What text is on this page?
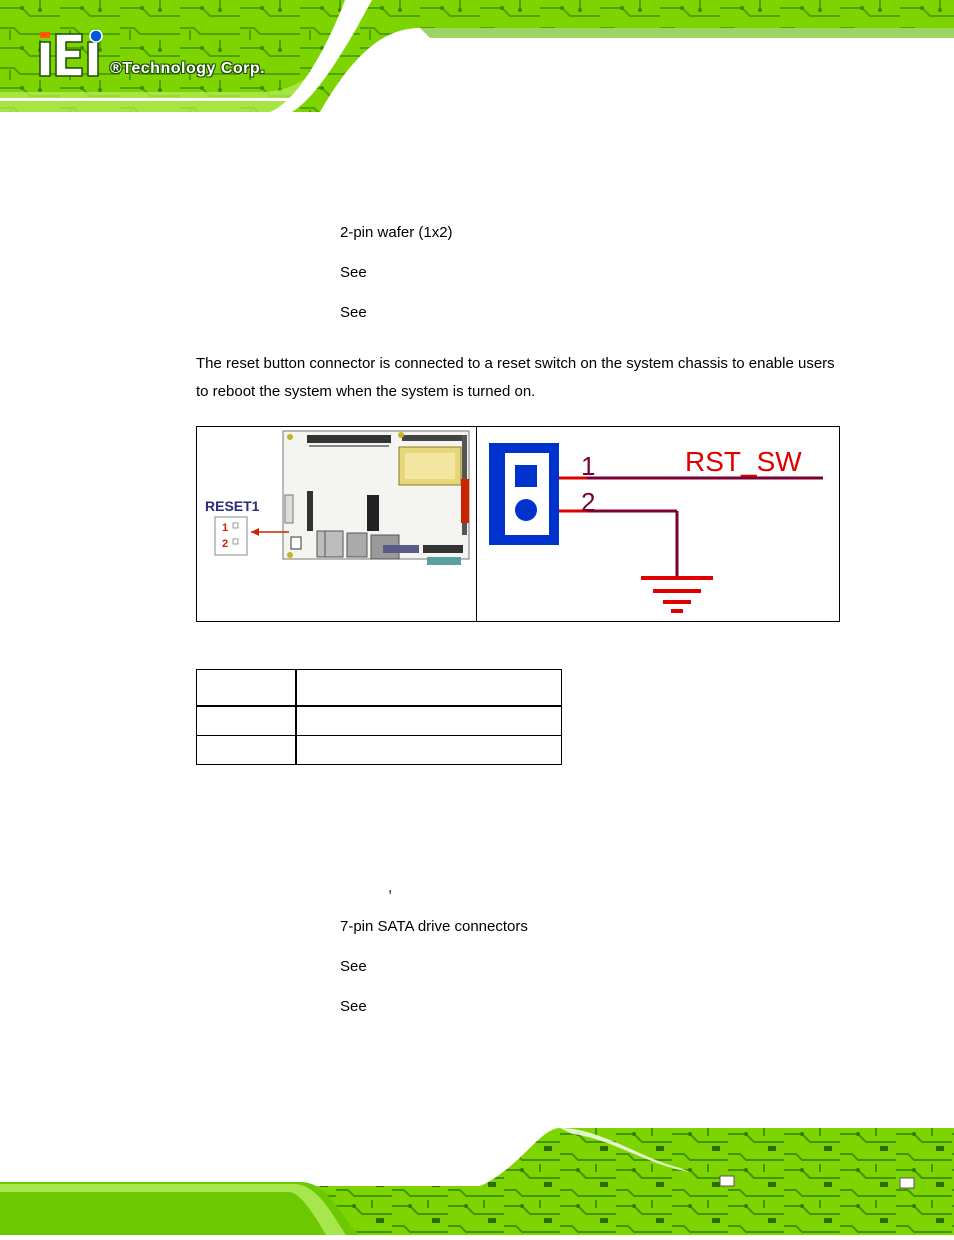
®Technology Corp.
2-pin wafer (1x2)
See
See
The reset button connector is connected to a reset switch on the system chassis to enable users to reboot the system when the system is turned on.
RESET1
1
2
1
2
RST_SW

,
7-pin SATA drive connectors
See
See
